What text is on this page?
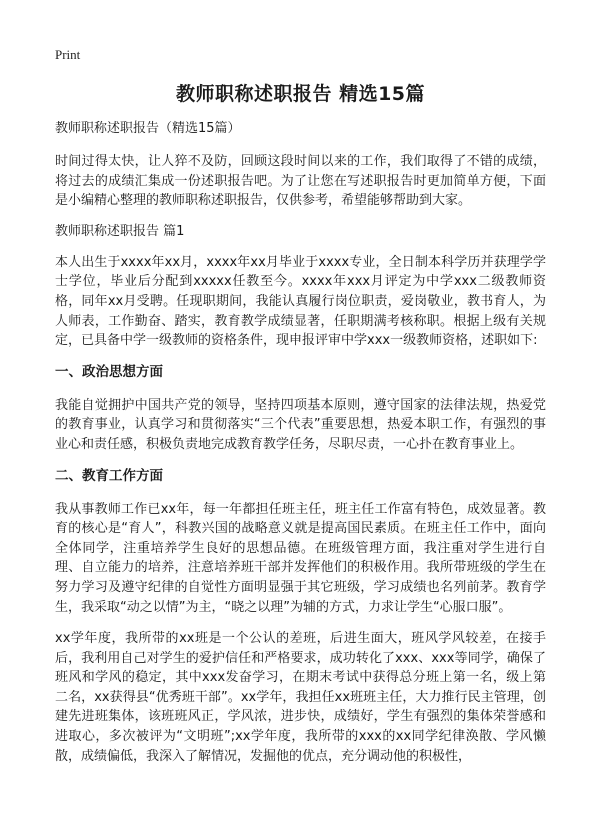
Print
教师职称述职报告 精选15篇
教师职称述职报告（精选15篇）

时间过得太快，让人猝不及防，回顾这段时间以来的工作，我们取得了不错的成绩，将过去的成绩汇集成一份述职报告吧。为了让您在写述职报告时更加简单方便，下面是小编精心整理的教师职称述职报告，仅供参考，希望能够帮助到大家。

教师职称述职报告 篇1

本人出生于xxxx年xx月，xxxx年xx月毕业于xxxx专业，全日制本科学历并获理学学士学位，毕业后分配到xxxxx任教至今。xxxx年xxx月评定为中学xxx二级教师资格，同年xx月受聘。任现职期间，我能认真履行岗位职责，爱岗敬业，教书育人，为人师表，工作勤奋、踏实，教育教学成绩显著，任职期满考核称职。根据上级有关规定，已具备中学一级教师的资格条件，现申报评审中学xxx一级教师资格，述职如下:

一、政治思想方面

我能自觉拥护中国共产党的领导，坚持四项基本原则，遵守国家的法律法规，热爱党的教育事业，认真学习和贯彻落实“三个代表”重要思想，热爱本职工作，有强烈的事业心和责任感，积极负责地完成教育教学任务，尽职尽责，一心扑在教育事业上。

二、教育工作方面

我从事教师工作已xx年，每一年都担任班主任，班主任工作富有特色，成效显著。教育的核心是“育人”，科教兴国的战略意义就是提高国民素质。在班主任工作中，面向全体同学，注重培养学生良好的思想品德。在班级管理方面，我注重对学生进行自理、自立能力的培养，注意培养班干部并发挥他们的积极作用。我所带班级的学生在努力学习及遵守纪律的自觉性方面明显强于其它班级，学习成绩也名列前茅。教育学生，我采取“动之以情”为主，“晓之以理”为辅的方式，力求让学生“心服口服”。

xx学年度，我所带的xx班是一个公认的差班，后进生面大，班风学风较差，在接手后，我利用自己对学生的爱护信任和严格要求，成功转化了xxx、xxx等同学，确保了班风和学风的稳定，其中xxx发奋学习，在期末考试中获得总分班上第一名，级上第二名，xx获得县“优秀班干部”。xx学年，我担任xx班班主任，大力推行民主管理，创建先进班集体，该班班风正，学风浓，进步快，成绩好，学生有强烈的集体荣誉感和进取心，多次被评为“文明班”;xx学年度，我所带的xxx的xx同学纪律涣散、学风懒散，成绩偏低，我深入了解情况，发掘他的优点，充分调动他的积极性，
